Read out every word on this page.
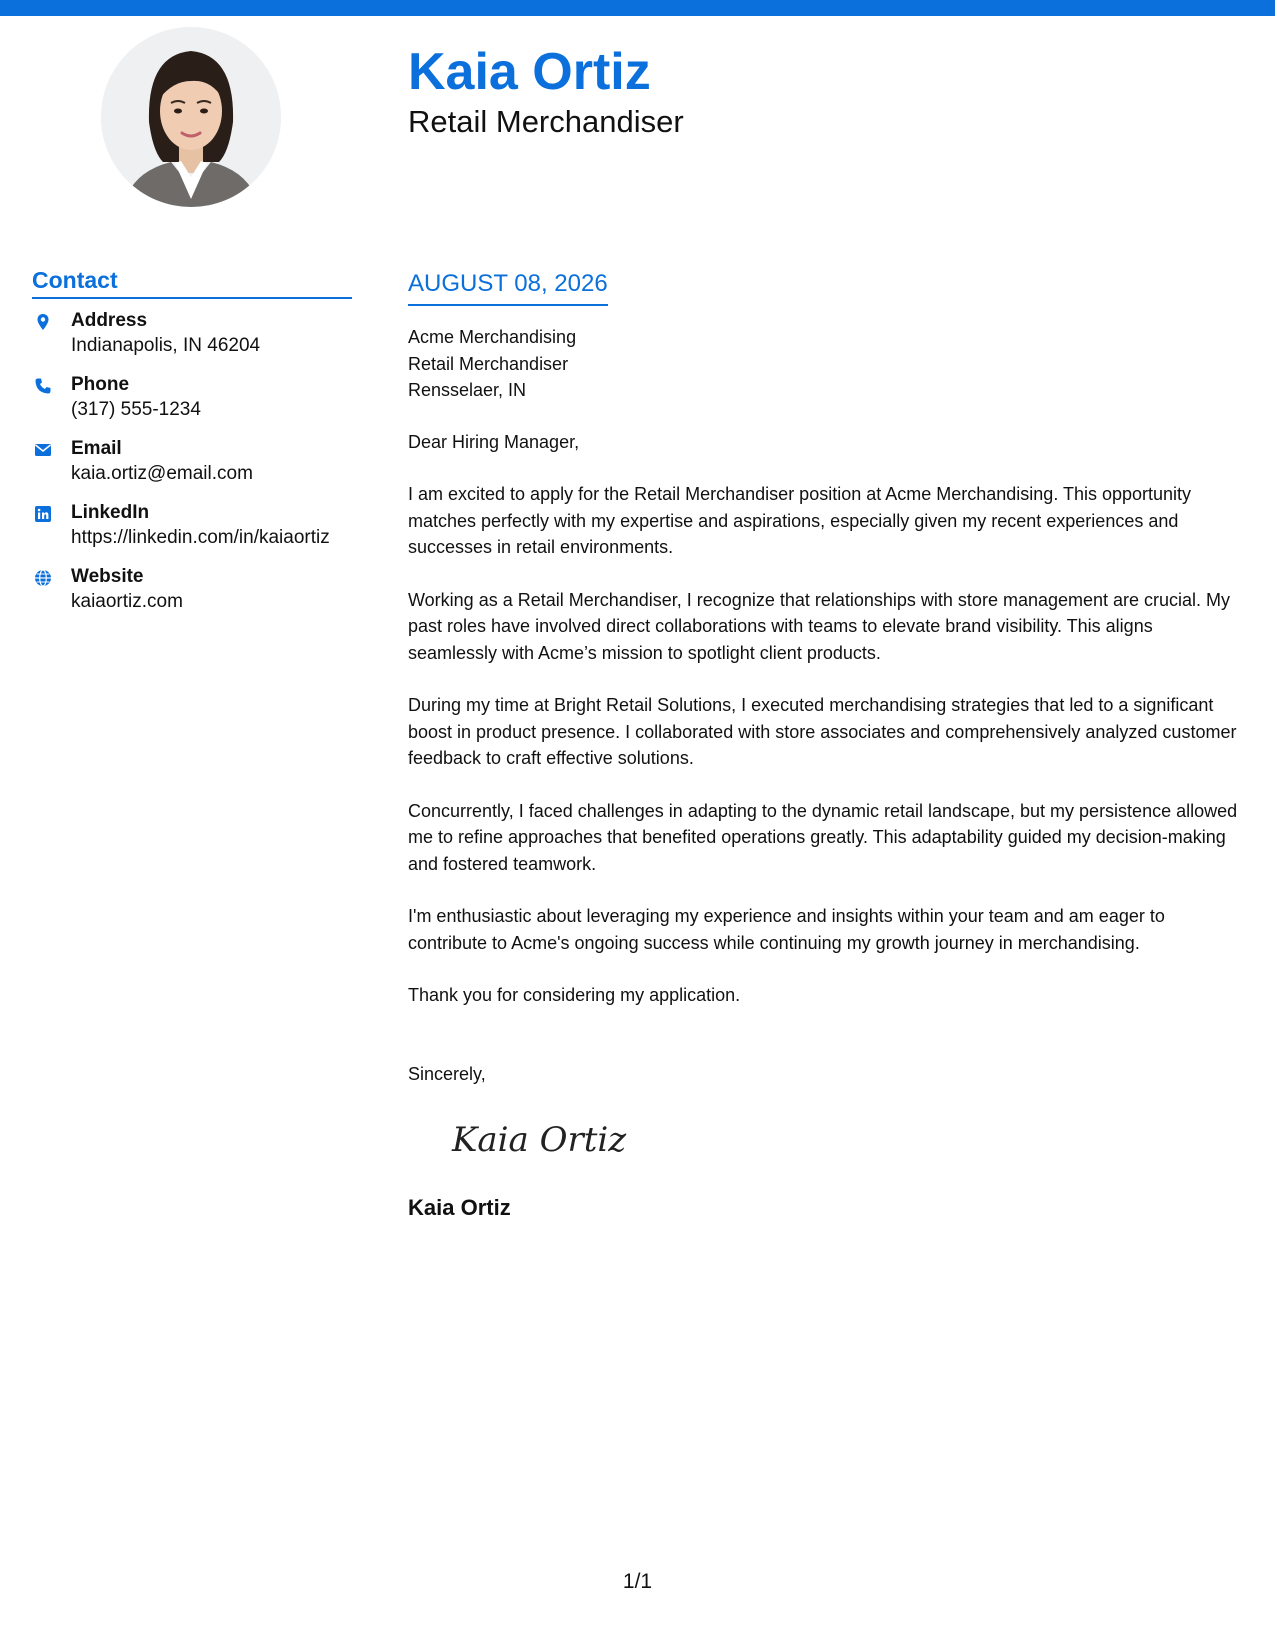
Kaia Ortiz
Retail Merchandiser
Contact
Address
Indianapolis, IN 46204
Phone
(317) 555-1234
Email
kaia.ortiz@email.com
LinkedIn
https://linkedin.com/in/kaiaortiz
Website
kaiaortiz.com
AUGUST 08, 2026
Acme Merchandising
Retail Merchandiser
Rensselaer, IN
Dear Hiring Manager,

I am excited to apply for the Retail Merchandiser position at Acme Merchandising. This opportunity matches perfectly with my expertise and aspirations, especially given my recent experiences and successes in retail environments.

Working as a Retail Merchandiser, I recognize that relationships with store management are crucial. My past roles have involved direct collaborations with teams to elevate brand visibility. This aligns seamlessly with Acme’s mission to spotlight client products.

During my time at Bright Retail Solutions, I executed merchandising strategies that led to a significant boost in product presence. I collaborated with store associates and comprehensively analyzed customer feedback to craft effective solutions.

Concurrently, I faced challenges in adapting to the dynamic retail landscape, but my persistence allowed me to refine approaches that benefited operations greatly. This adaptability guided my decision-making and fostered teamwork.

I'm enthusiastic about leveraging my experience and insights within your team and am eager to contribute to Acme's ongoing success while continuing my growth journey in merchandising.

Thank you for considering my application.

Sincerely,
Kaia Ortiz
Kaia Ortiz
1/1
